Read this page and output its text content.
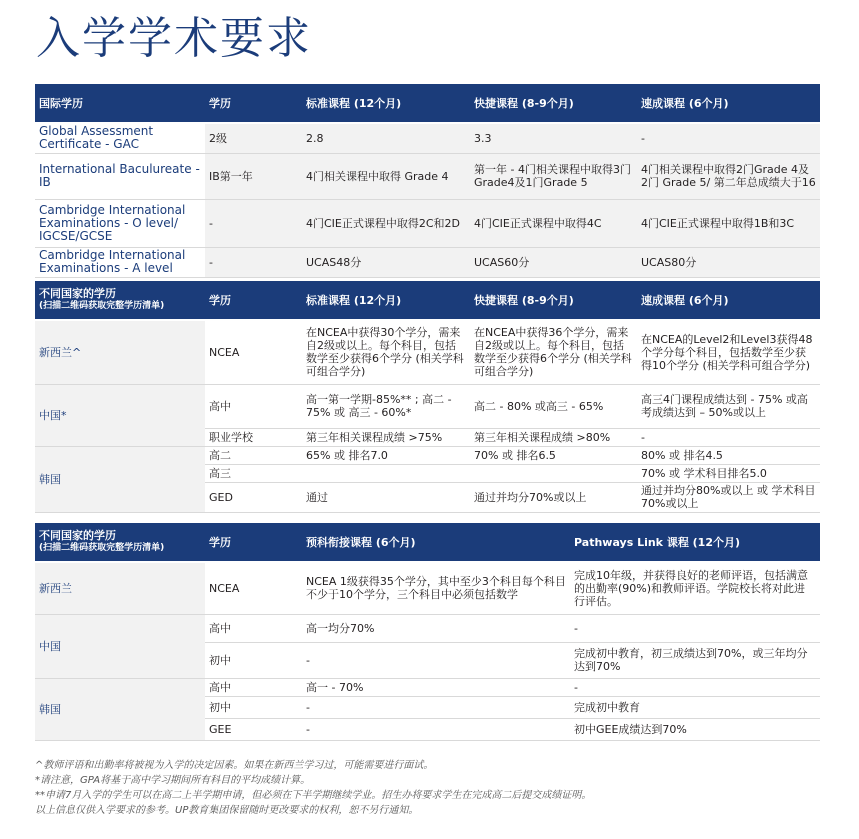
入学学术要求
国际学历	学历	标准课程 (12个月)	快捷课程 (8-9个月)	速成课程 (6个月)
Global Assessment Certificate - GAC	2级	2.8	3.3	-
International Baculureate - IB	IB第一年	4门相关课程中取得 Grade 4	第一年 - 4门相关课程中取得3门Grade4及1门Grade 5	4门相关课程中取得2门Grade 4及2门 Grade 5/ 第二年总成绩大于16
Cambridge International Examinations - O level/ IGCSE/GCSE	-	4门CIE正式课程中取得2C和2D	4门CIE正式课程中取得4C	4门CIE正式课程中取得1B和3C
Cambridge International Examinations - A level	-	UCAS48分	UCAS60分	UCAS80分
不同国家的学历
(扫描二维码获取完整学历清单)	学历	标准课程 (12个月)	快捷课程 (8-9个月)	速成课程 (6个月)
新西兰^	NCEA	在NCEA中获得30个学分，需来自2级或以上。每个科目，包括数学至少获得6个学分 (相关学科可组合学分)	在NCEA中获得36个学分，需来自2级或以上。每个科目，包括数学至少获得6个学分 (相关学科可组合学分)	在NCEA的Level2和Level3获得48个学分每个科目，包括数学至少获得10个学分 (相关学科可组合学分)
中国*	高中	高一第一学期-85%** ; 高二 - 75% 或 高三 - 60%*	高二 - 80% 或高三 - 65%	高三4门课程成绩达到 - 75% 或高考成绩达到 – 50%或以上
	职业学校	第三年相关课程成绩 >75%	第三年相关课程成绩 >80%	-
韩国	高二	65% 或 排名7.0	70% 或 排名6.5	80% 或 排名4.5
	高三			70% 或 学术科目排名5.0
	GED	通过	通过并均分70%或以上	通过并均分80%或以上 或 学术科目70%或以上
不同国家的学历
(扫描二维码获取完整学历清单)	学历	预科衔接课程 (6个月)	Pathways Link 课程 (12个月)
新西兰	NCEA	NCEA 1级获得35个学分，其中至少3个科目每个科目不少于10个学分，三个科目中必须包括数学	完成10年级，并获得良好的老师评语，包括满意的出勤率(90%)和教师评语。学院校长将对此进行评估。
中国	高中	高一均分70%	-
	初中	-	完成初中教育，初三成绩达到70%，或三年均分达到70%
韩国	高中	高一 - 70%	-
	初中	-	完成初中教育
	GEE	-	初中GEE成绩达到70%
^教师评语和出勤率将被视为入学的决定因素。如果在新西兰学习过，可能需要进行面试。
*请注意，GPA将基于高中学习期间所有科目的平均成绩计算。
**申请7月入学的学生可以在高二上半学期申请，但必须在下半学期继续学业。招生办将要求学生在完成高二后提交成绩证明。
以上信息仅供入学要求的参考。UP教育集团保留随时更改要求的权利，恕不另行通知。
